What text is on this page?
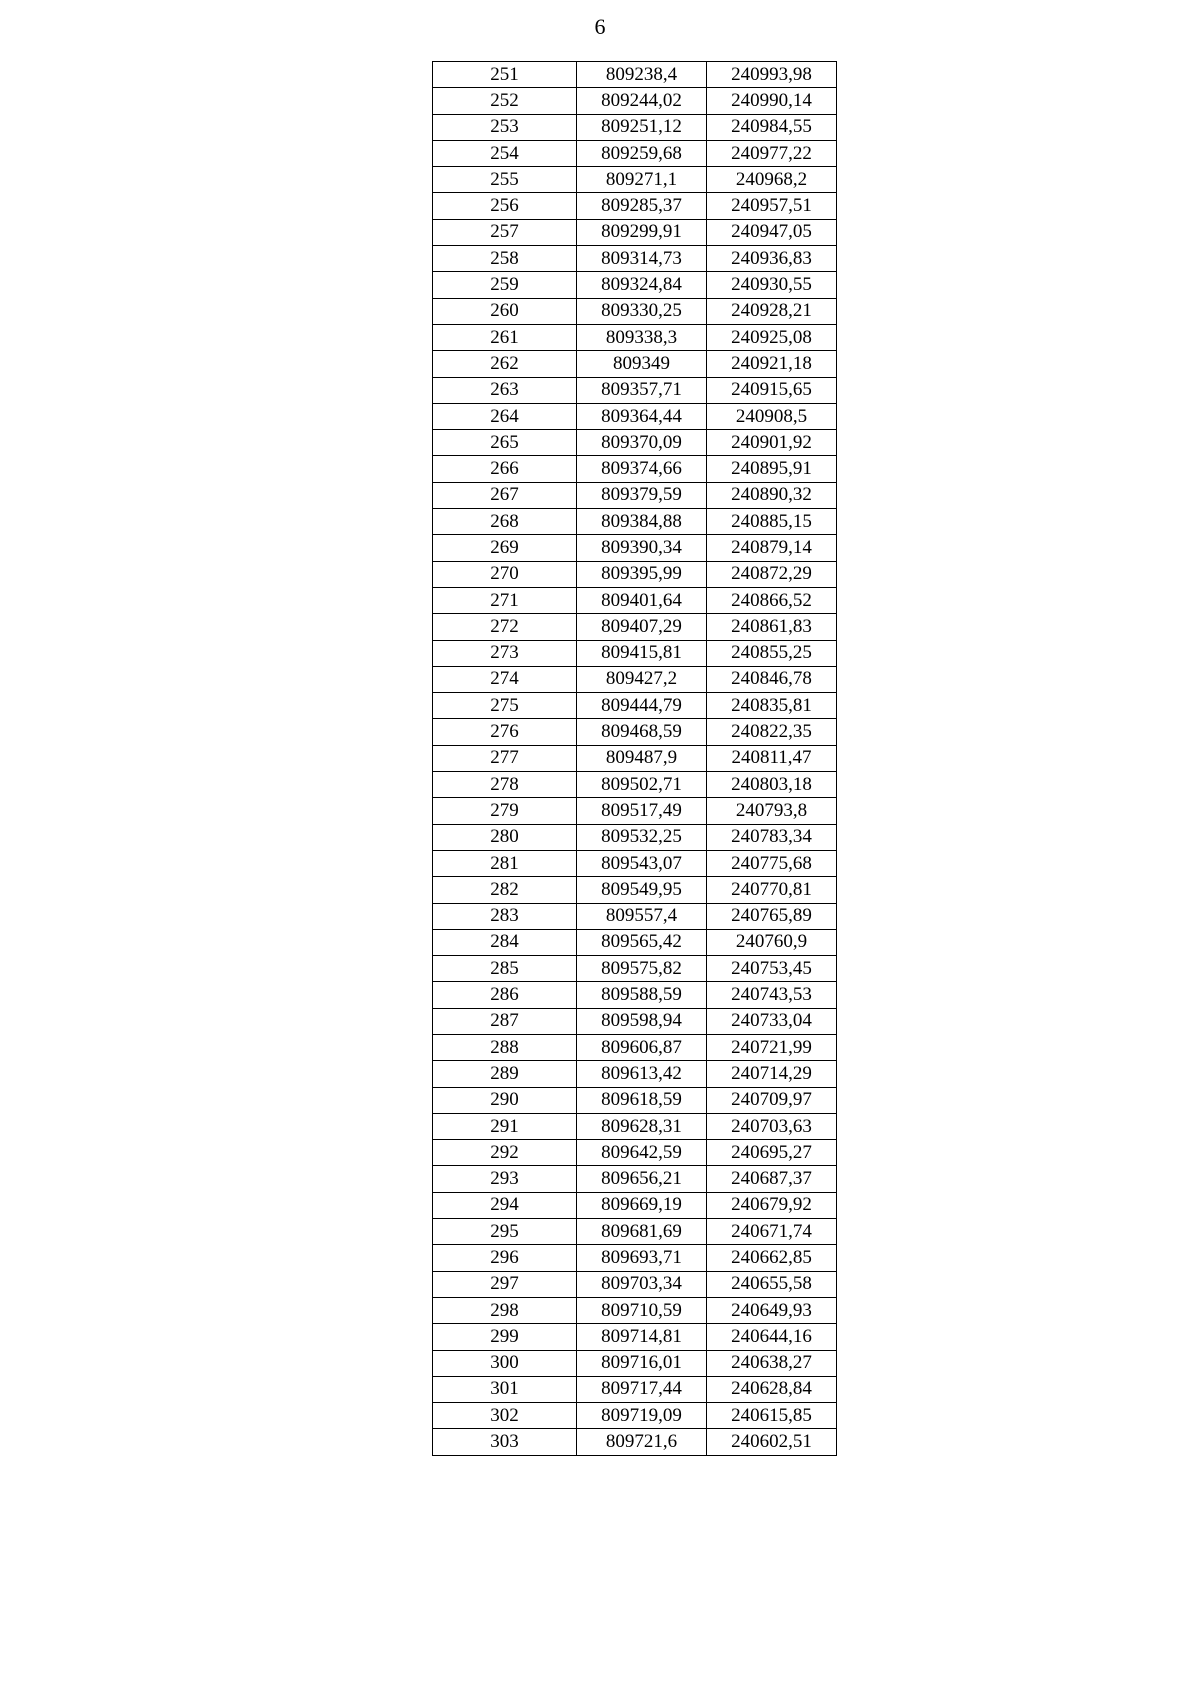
6
251	809238,4	240993,98
252	809244,02	240990,14
253	809251,12	240984,55
254	809259,68	240977,22
255	809271,1	240968,2
256	809285,37	240957,51
257	809299,91	240947,05
258	809314,73	240936,83
259	809324,84	240930,55
260	809330,25	240928,21
261	809338,3	240925,08
262	809349	240921,18
263	809357,71	240915,65
264	809364,44	240908,5
265	809370,09	240901,92
266	809374,66	240895,91
267	809379,59	240890,32
268	809384,88	240885,15
269	809390,34	240879,14
270	809395,99	240872,29
271	809401,64	240866,52
272	809407,29	240861,83
273	809415,81	240855,25
274	809427,2	240846,78
275	809444,79	240835,81
276	809468,59	240822,35
277	809487,9	240811,47
278	809502,71	240803,18
279	809517,49	240793,8
280	809532,25	240783,34
281	809543,07	240775,68
282	809549,95	240770,81
283	809557,4	240765,89
284	809565,42	240760,9
285	809575,82	240753,45
286	809588,59	240743,53
287	809598,94	240733,04
288	809606,87	240721,99
289	809613,42	240714,29
290	809618,59	240709,97
291	809628,31	240703,63
292	809642,59	240695,27
293	809656,21	240687,37
294	809669,19	240679,92
295	809681,69	240671,74
296	809693,71	240662,85
297	809703,34	240655,58
298	809710,59	240649,93
299	809714,81	240644,16
300	809716,01	240638,27
301	809717,44	240628,84
302	809719,09	240615,85
303	809721,6	240602,51
